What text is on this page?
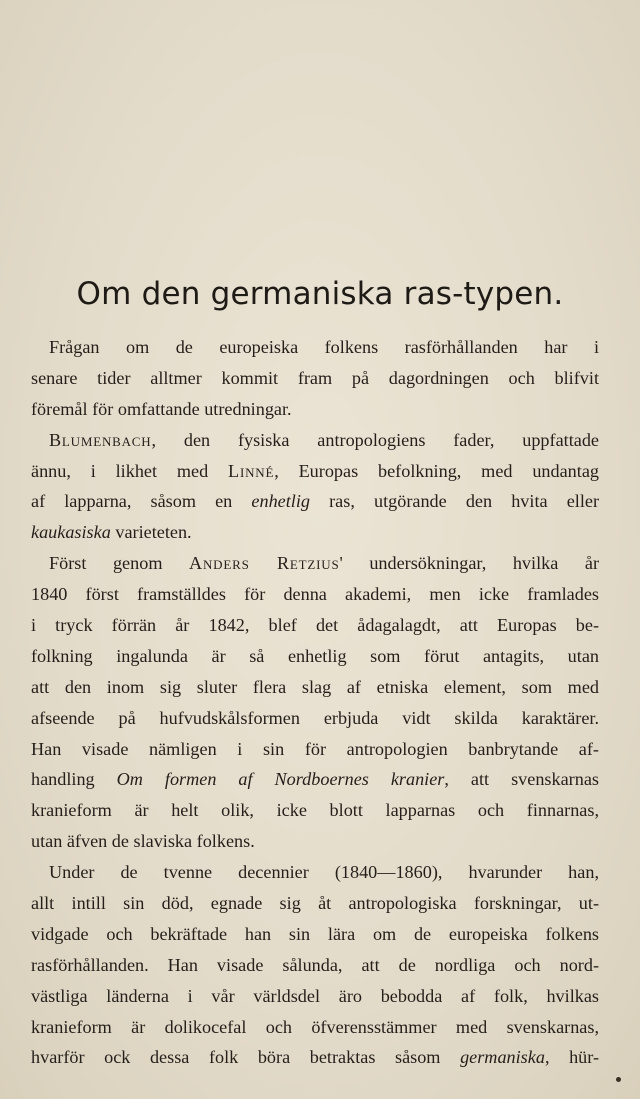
Om den germaniska ras-typen.
Frågan om de europeiska folkens rasförhållanden har i
senare tider alltmer kommit fram på dagordningen och blifvit
föremål för omfattande utredningar.
Blumenbach, den fysiska antropologiens fader, uppfattade
ännu, i likhet med Linné, Europas befolkning, med undantag
af lapparna, såsom en enhetlig ras, utgörande den hvita eller
kaukasiska varieteten.
Först genom Anders Retzius' undersökningar, hvilka år
1840 först framställdes för denna akademi, men icke framlades
i tryck förrän år 1842, blef det ådagalagdt, att Europas be-
folkning ingalunda är så enhetlig som förut antagits, utan
att den inom sig sluter flera slag af etniska element, som med
afseende på hufvudskålsformen erbjuda vidt skilda karaktärer.
Han visade nämligen i sin för antropologien banbrytande af-
handling Om formen af Nordboernes kranier, att svenskarnas
kranieform är helt olik, icke blott lapparnas och finnarnas,
utan äfven de slaviska folkens.
Under de tvenne decennier (1840—1860), hvarunder han,
allt intill sin död, egnade sig åt antropologiska forskningar, ut-
vidgade och bekräftade han sin lära om de europeiska folkens
rasförhållanden. Han visade sålunda, att de nordliga och nord-
västliga länderna i vår världsdel äro bebodda af folk, hvilkas
kranieform är dolikocefal och öfverensstämmer med svenskarnas,
hvarför ock dessa folk böra betraktas såsom germaniska, hür-
